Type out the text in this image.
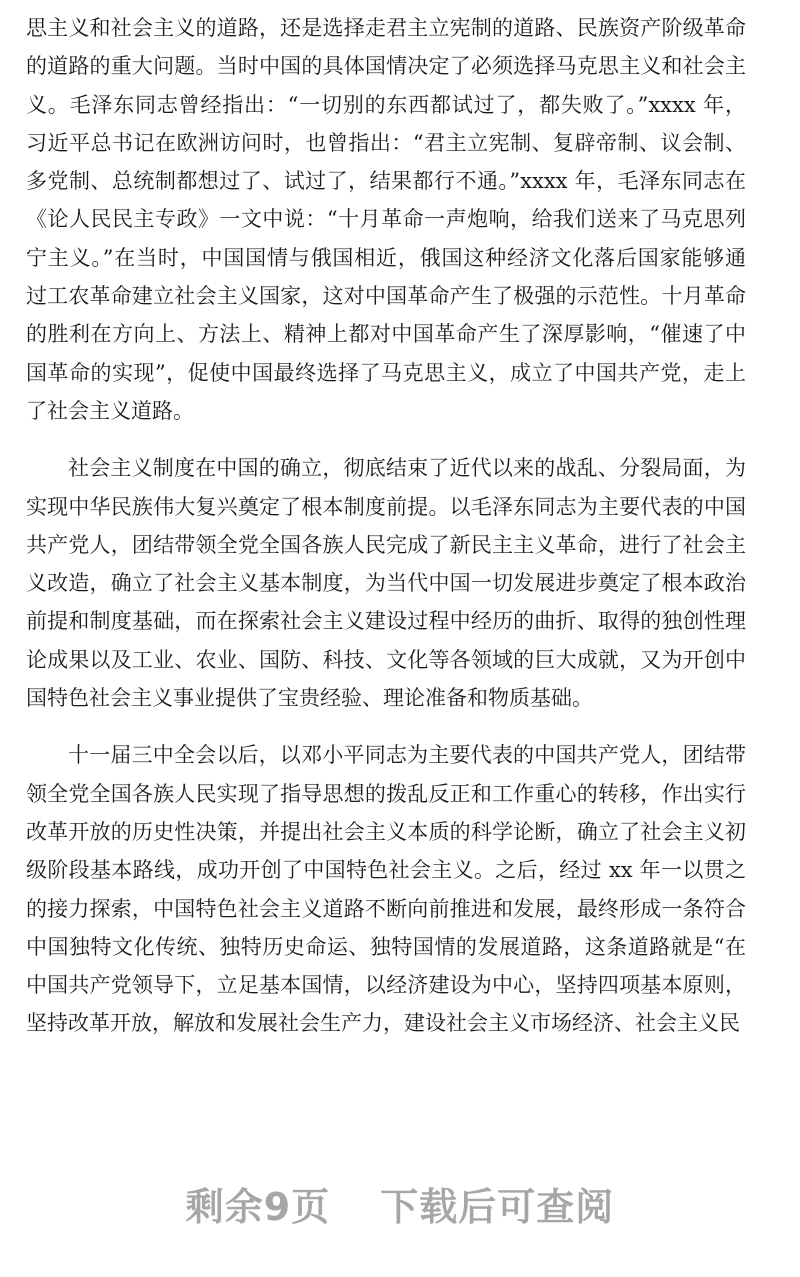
思主义和社会主义的道路，还是选择走君主立宪制的道路、民族资产阶级革命
的道路的重大问题。当时中国的具体国情决定了必须选择马克思主义和社会主
义。毛泽东同志曾经指出：“一切别的东西都试过了，都失败了。”xxxx 年，
习近平总书记在欧洲访问时，也曾指出：“君主立宪制、复辟帝制、议会制、
多党制、总统制都想过了、试过了，结果都行不通。”xxxx 年，毛泽东同志在
《论人民民主专政》一文中说：“十月革命一声炮响，给我们送来了马克思列
宁主义。”在当时，中国国情与俄国相近，俄国这种经济文化落后国家能够通
过工农革命建立社会主义国家，这对中国革命产生了极强的示范性。十月革命
的胜利在方向上、方法上、精神上都对中国革命产生了深厚影响，“催速了中
国革命的实现”，促使中国最终选择了马克思主义，成立了中国共产党，走上
了社会主义道路。
社会主义制度在中国的确立，彻底结束了近代以来的战乱、分裂局面，为
实现中华民族伟大复兴奠定了根本制度前提。以毛泽东同志为主要代表的中国
共产党人，团结带领全党全国各族人民完成了新民主主义革命，进行了社会主
义改造，确立了社会主义基本制度，为当代中国一切发展进步奠定了根本政治
前提和制度基础，而在探索社会主义建设过程中经历的曲折、取得的独创性理
论成果以及工业、农业、国防、科技、文化等各领域的巨大成就，又为开创中
国特色社会主义事业提供了宝贵经验、理论准备和物质基础。
十一届三中全会以后，以邓小平同志为主要代表的中国共产党人，团结带
领全党全国各族人民实现了指导思想的拨乱反正和工作重心的转移，作出实行
改革开放的历史性决策，并提出社会主义本质的科学论断，确立了社会主义初
级阶段基本路线，成功开创了中国特色社会主义。之后，经过 xx 年一以贯之
的接力探索，中国特色社会主义道路不断向前推进和发展，最终形成一条符合
中国独特文化传统、独特历史命运、独特国情的发展道路，这条道路就是“在
中国共产党领导下，立足基本国情，以经济建设为中心，坚持四项基本原则，
坚持改革开放，解放和发展社会生产力，建设社会主义市场经济、社会主义民
剩余9页 下载后可查阅
